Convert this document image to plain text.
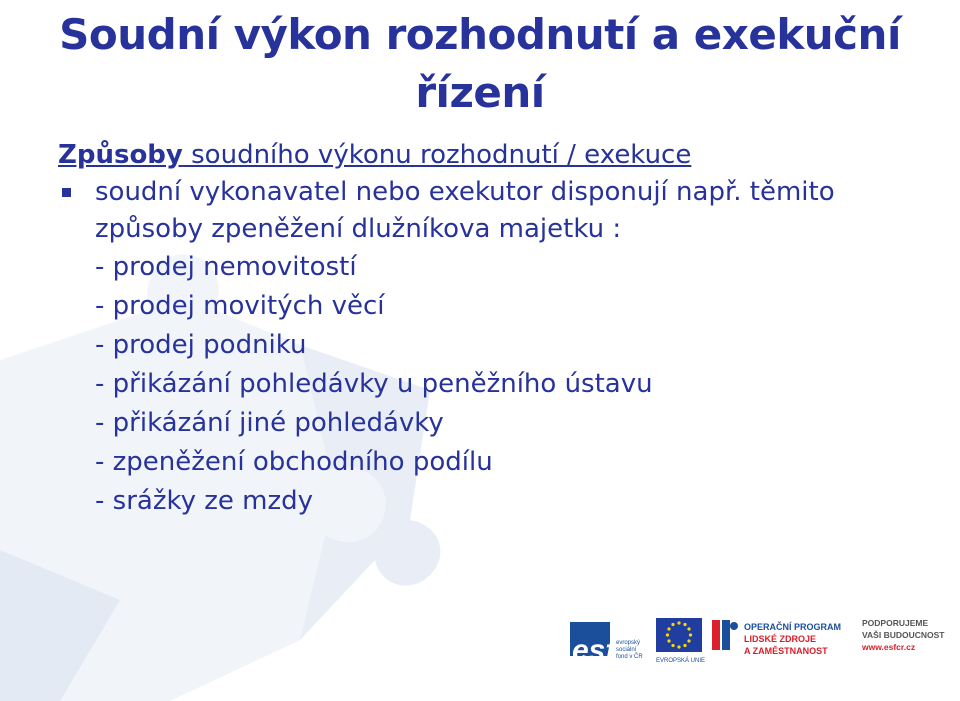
Soudní výkon rozhodnutí a exekuční řízení

Způsoby soudního výkonu rozhodnutí / exekuce

soudní vykonavatel nebo exekutor disponují např. těmito způsoby zpeněžení dlužníkova majetku :
- prodej nemovitostí
- prodej movitých věcí
- prodej podniku
- přikázání pohledávky u peněžního ústavu
- přikázání jiné pohledávky
- zpeněžení obchodního podílu
- srážky ze mzdy
esf evropský
sociální
fond v ČR
EVROPSKÁ UNIE
OPERAČNÍ PROGRAM
LIDSKÉ ZDROJE
A ZAMĚSTNANOST
PODPORUJEME
VAŠI BUDOUCNOST
www.esfcr.cz
